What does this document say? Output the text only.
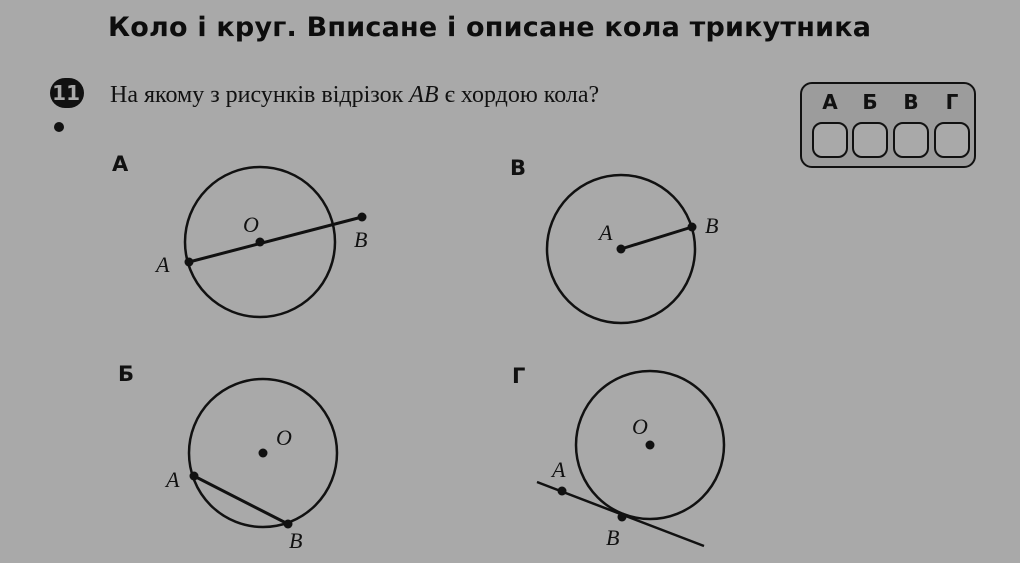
Коло і круг. Вписане і описане кола трикутника
11 На якому з рисунків відрізок AB є хордою кола?	А	Б	В	Г
А	В
Б	Г
A
O
B	A	B
A
O
B
A
O
B
